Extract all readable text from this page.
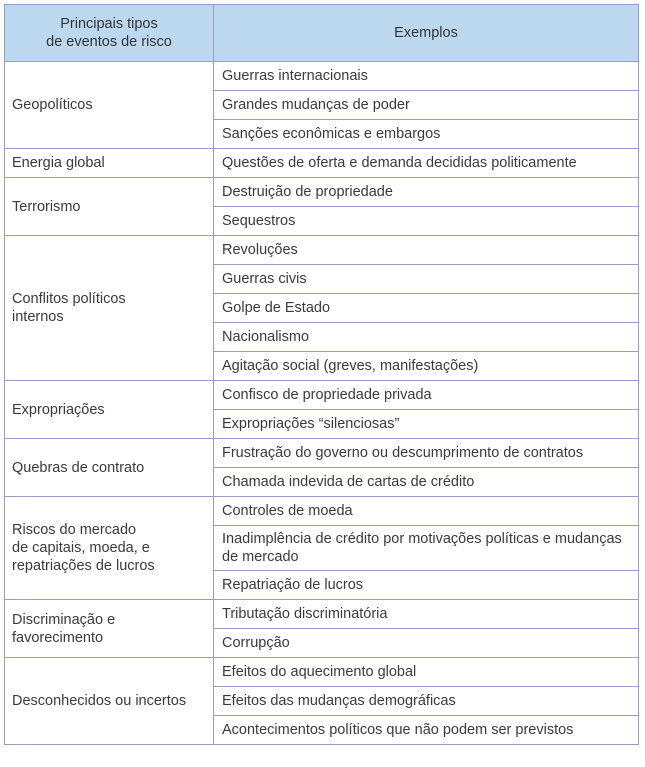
Principais tipos
de eventos de risco	Exemplos
Geopolíticos	Guerras internacionais
	Grandes mudanças de poder
	Sanções econômicas e embargos
Energia global	Questões de oferta e demanda decididas politicamente
Terrorismo	Destruição de propriedade
	Sequestros
Conflitos políticos
internos	Revoluções
	Guerras civis
	Golpe de Estado
	Nacionalismo
	Agitação social (greves, manifestações)
Expropriações	Confisco de propriedade privada
	Expropriações “silenciosas”
Quebras de contrato	Frustração do governo ou descumprimento de contratos
	Chamada indevida de cartas de crédito
Riscos do mercado
de capitais, moeda, e
repatriações de lucros	Controles de moeda
	Inadimplência de crédito por motivações políticas e mudanças de mercado
	Repatriação de lucros
Discriminação e
favorecimento	Tributação discriminatória
	Corrupção
Desconhecidos ou incertos	Efeitos do aquecimento global
	Efeitos das mudanças demográficas
	Acontecimentos políticos que não podem ser previstos
